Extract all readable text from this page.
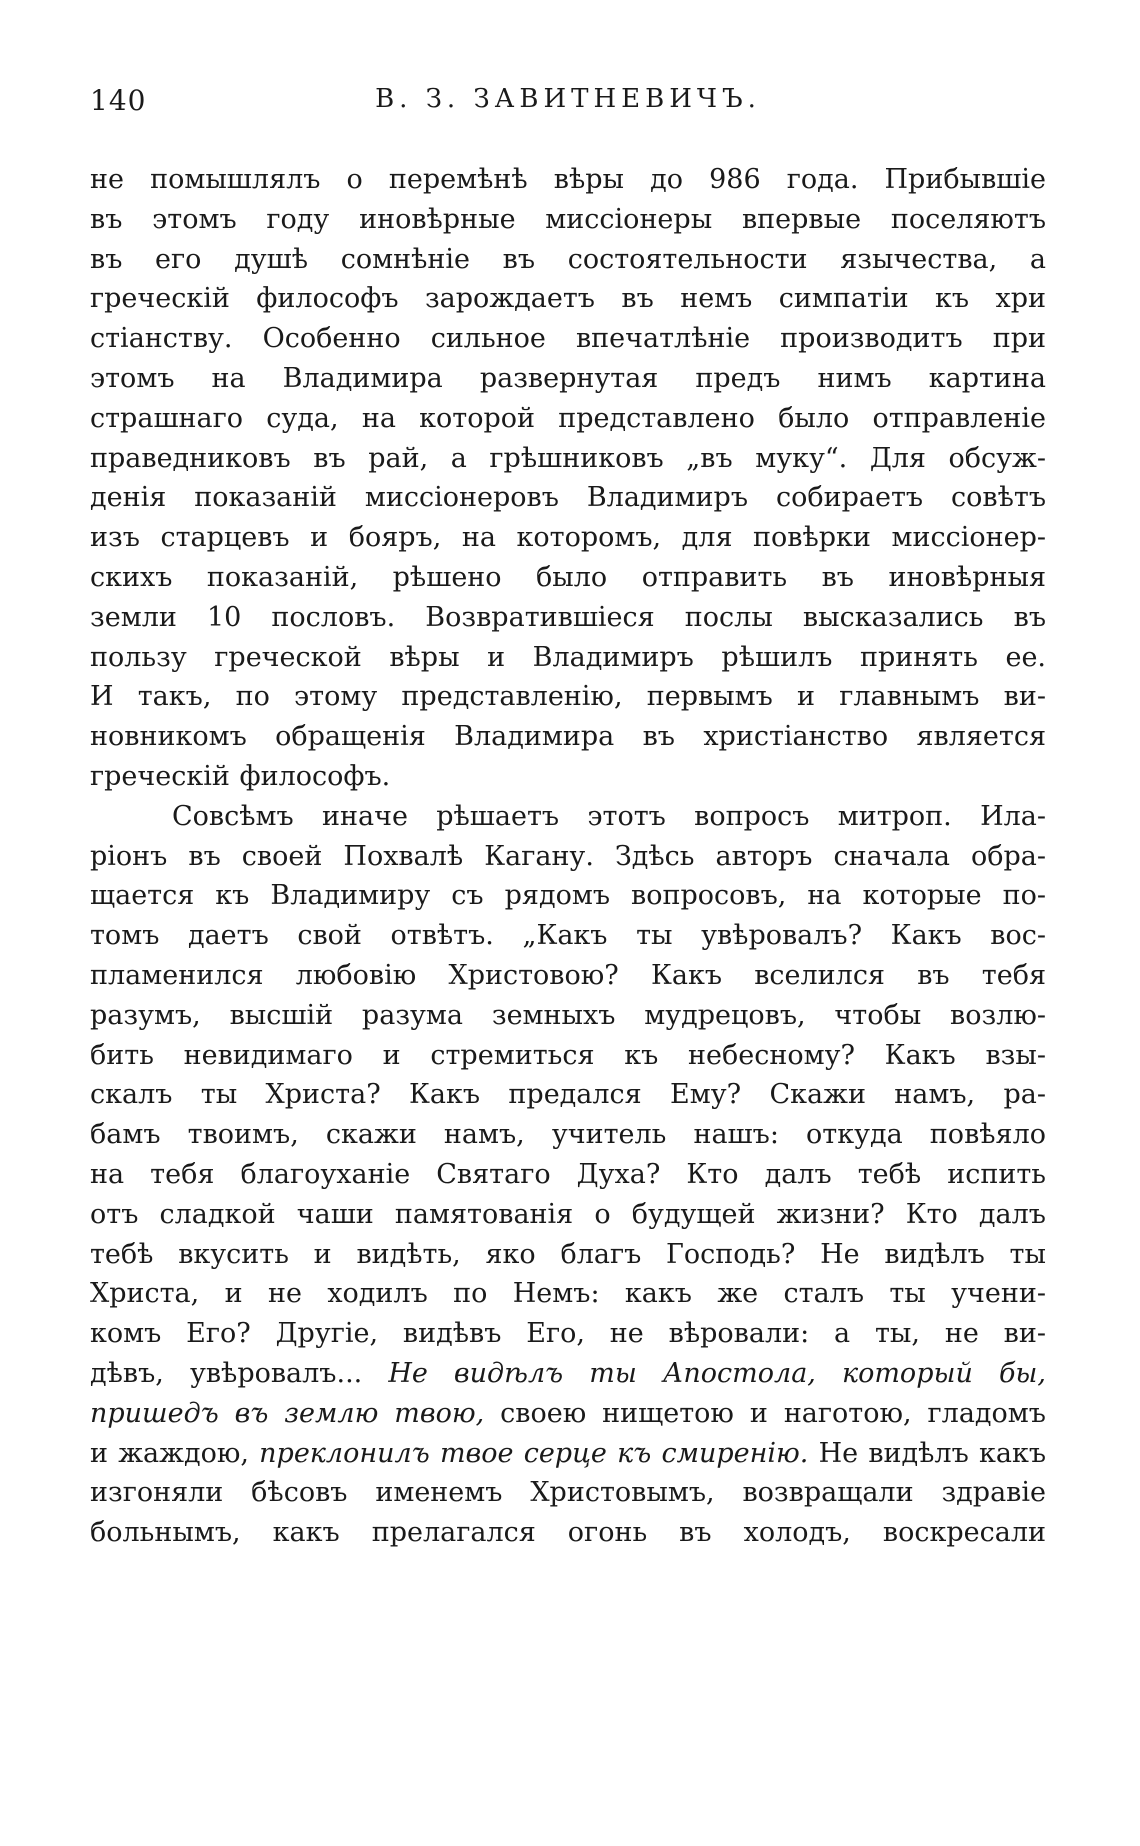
140	В. З. ЗАВИТНЕВИЧЪ.
не помышлялъ о перемѣнѣ вѣры до 986 года. Прибывшіе
въ этомъ году иновѣрные миссіонеры впервые поселяютъ
въ его душѣ сомнѣніе въ состоятельности язычества, а
греческій философъ зарождаетъ въ немъ симпатіи къ хри
стіанству. Особенно сильное впечатлѣніе производитъ при
этомъ на Владимира развернутая предъ нимъ картина
страшнаго суда, на которой представлено было отправленіе
праведниковъ въ рай, а грѣшниковъ „въ муку“. Для обсуж-
денія показаній миссіонеровъ Владимиръ собираетъ совѣтъ
изъ старцевъ и бояръ, на которомъ, для повѣрки миссіонер-
скихъ показаній, рѣшено было отправить въ иновѣрныя
земли 10 пословъ. Возвратившіеся послы высказались въ
пользу греческой вѣры и Владимиръ рѣшилъ принять ее.
И такъ, по этому представленію, первымъ и главнымъ ви-
новникомъ обращенія Владимира въ христіанство является
греческій философъ.
Совсѣмъ иначе рѣшаетъ этотъ вопросъ митроп. Ила-
ріонъ въ своей Похвалѣ Кагану. Здѣсь авторъ сначала обра-
щается къ Владимиру съ рядомъ вопросовъ, на которые по-
томъ даетъ свой отвѣтъ. „Какъ ты увѣровалъ? Какъ вос-
пламенился любовію Христовою? Какъ вселился въ тебя
разумъ, высшій разума земныхъ мудрецовъ, чтобы возлю-
бить невидимаго и стремиться къ небесному? Какъ взы-
скалъ ты Христа? Какъ предался Ему? Скажи намъ, ра-
бамъ твоимъ, скажи намъ, учитель нашъ: откуда повѣяло
на тебя благоуханіе Святаго Духа? Кто далъ тебѣ испить
отъ сладкой чаши памятованія о будущей жизни? Кто далъ
тебѣ вкусить и видѣть, яко благъ Господь? Не видѣлъ ты
Христа, и не ходилъ по Немъ: какъ же сталъ ты учени-
комъ Его? Другіе, видѣвъ Его, не вѣровали: а ты, не ви-
дѣвъ, увѣровалъ... Не видѣлъ ты Апостола, который бы,
пришедъ въ землю твою, своею нищетою и наготою, гладомъ
и жаждою, преклонилъ твое серце къ смиренію. Не видѣлъ какъ
изгоняли бѣсовъ именемъ Христовымъ, возвращали здравіе
больнымъ, какъ прелагался огонь въ холодъ, воскресали
